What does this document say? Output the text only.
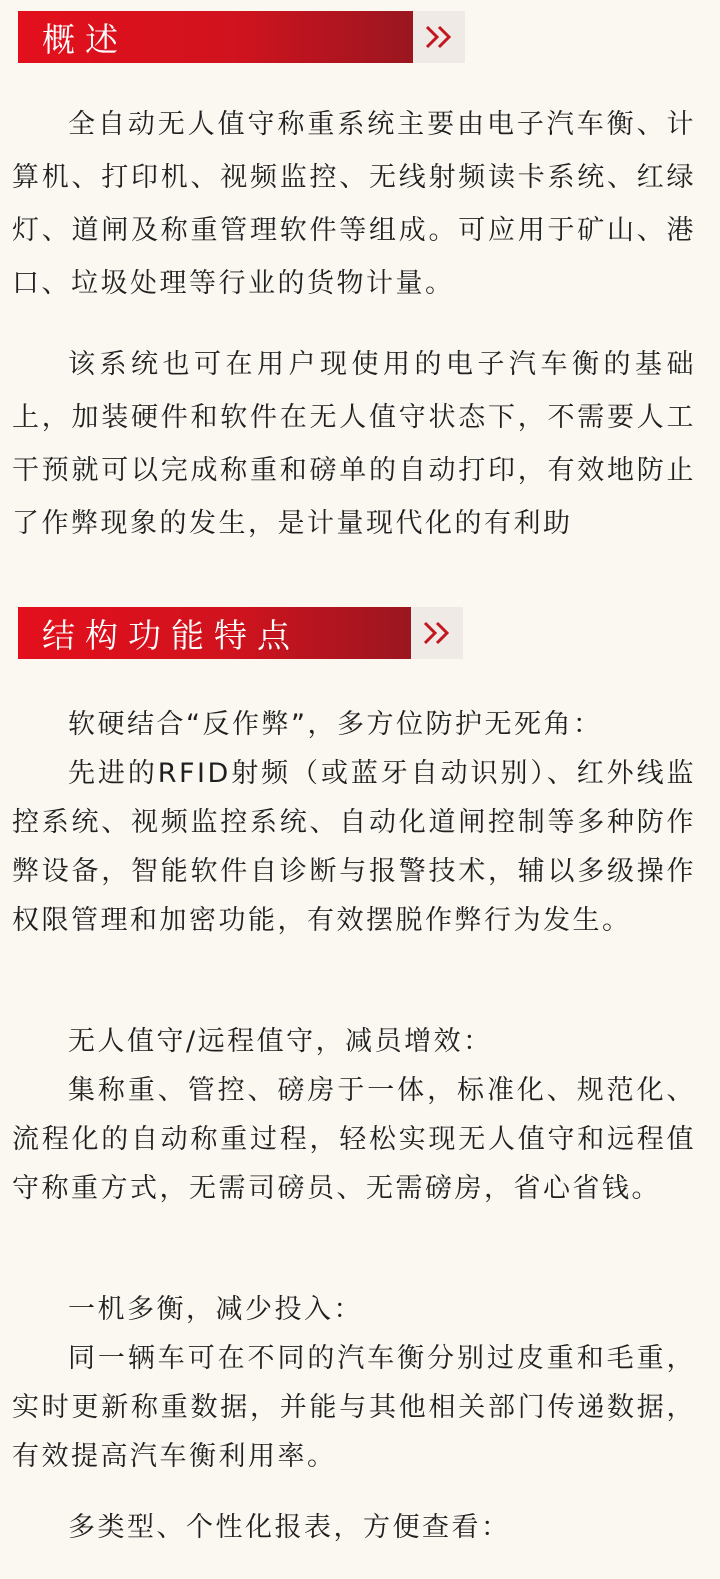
概述

全自动无人值守称重系统主要由电子汽车衡、计算机、打印机、视频监控、无线射频读卡系统、红绿灯、道闸及称重管理软件等组成。可应用于矿山、港口、垃圾处理等行业的货物计量。

该系统也可在用户现使用的电子汽车衡的基础上，加装硬件和软件在无人值守状态下，不需要人工干预就可以完成称重和磅单的自动打印，有效地防止了作弊现象的发生，是计量现代化的有利助

结构功能特点

软硬结合“反作弊”，多方位防护无死角：

先进的RFID射频（或蓝牙自动识别）、红外线监控系统、视频监控系统、自动化道闸控制等多种防作弊设备，智能软件自诊断与报警技术，辅以多级操作权限管理和加密功能，有效摆脱作弊行为发生。

无人值守/远程值守，减员增效：

集称重、管控、磅房于一体，标准化、规范化、流程化的自动称重过程，轻松实现无人值守和远程值守称重方式，无需司磅员、无需磅房，省心省钱。

一机多衡，减少投入：

同一辆车可在不同的汽车衡分别过皮重和毛重，实时更新称重数据，并能与其他相关部门传递数据，有效提高汽车衡利用率。

多类型、个性化报表，方便查看：
